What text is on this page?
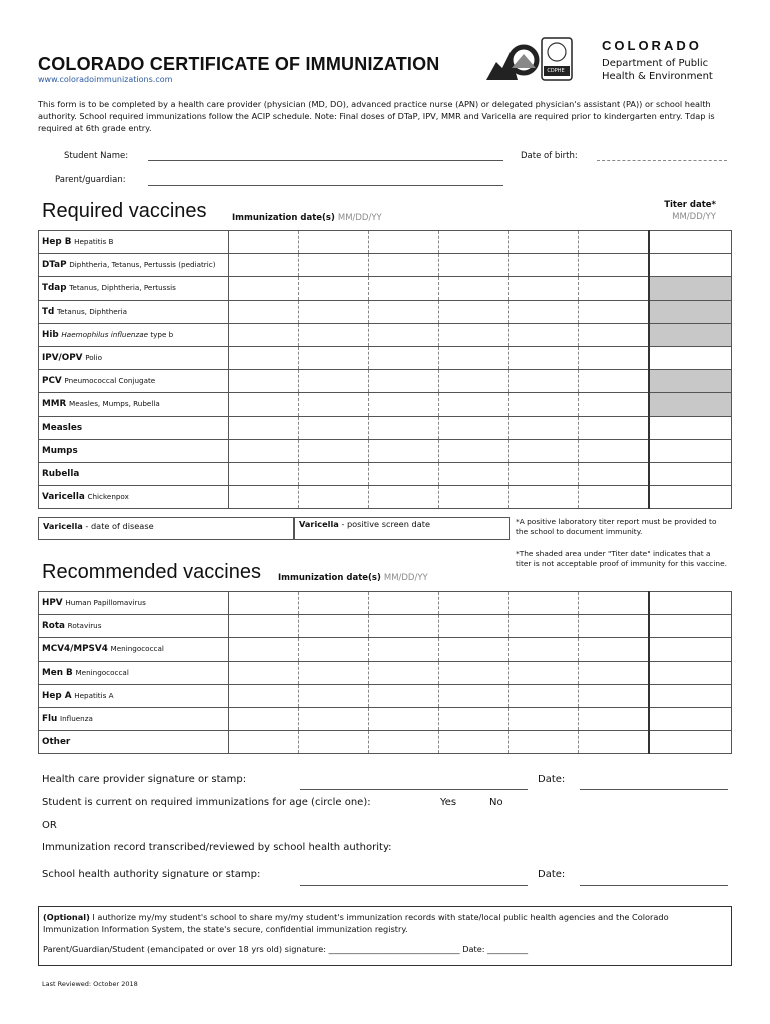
COLORADO CERTIFICATE OF IMMUNIZATION
www.coloradoimmunizations.com
This form is to be completed by a health care provider (physician (MD, DO), advanced practice nurse (APN) or delegated physician's assistant (PA)) or school health authority. School required immunizations follow the ACIP schedule. Note: Final doses of DTaP, IPV, MMR and Varicella are required prior to kindergarten entry. Tdap is required at 6th grade entry.
CDPHE
COLORADO
Department of Public
Health & Environment
Student Name:	Date of birth:
Parent/guardian:
Required vaccines	Immunization date(s) MM/DD/YY
Titer date*
MM/DD/YY
Hep B Hepatitis B							
DTaP Diphtheria, Tetanus, Pertussis (pediatric)							
Tdap Tetanus, Diphtheria, Pertussis							
Td Tetanus, Diphtheria							
Hib Haemophilus influenzae type b							
IPV/OPV Polio							
PCV Pneumococcal Conjugate							
MMR Measles, Mumps, Rubella							
Measles							
Mumps							
Rubella							
Varicella Chickenpox							
Varicella - date of disease	Varicella - positive screen date	*A positive laboratory titer report must be provided to the school to document immunity.
*The shaded area under "Titer date" indicates that a titer is not acceptable proof of immunity for this vaccine.
Recommended vaccines Immunization date(s) MM/DD/YY
HPV Human Papillomavirus							
Rota Rotavirus							
MCV4/MPSV4 Meningococcal							
Men B Meningococcal							
Hep A Hepatitis A							
Flu Influenza							
Other							
Health care provider signature or stamp:	Date:
Student is current on required immunizations for age (circle one):	Yes	No
OR
Immunization record transcribed/reviewed by school health authority:
School health authority signature or stamp:	Date:
(Optional) I authorize my/my student's school to share my/my student's immunization records with state/local public health agencies and the Colorado Immunization Information System, the state's secure, confidential immunization registry.
Parent/Guardian/Student (emancipated or over 18 yrs old) signature: ________________________________ Date: __________
Last Reviewed: October 2018
